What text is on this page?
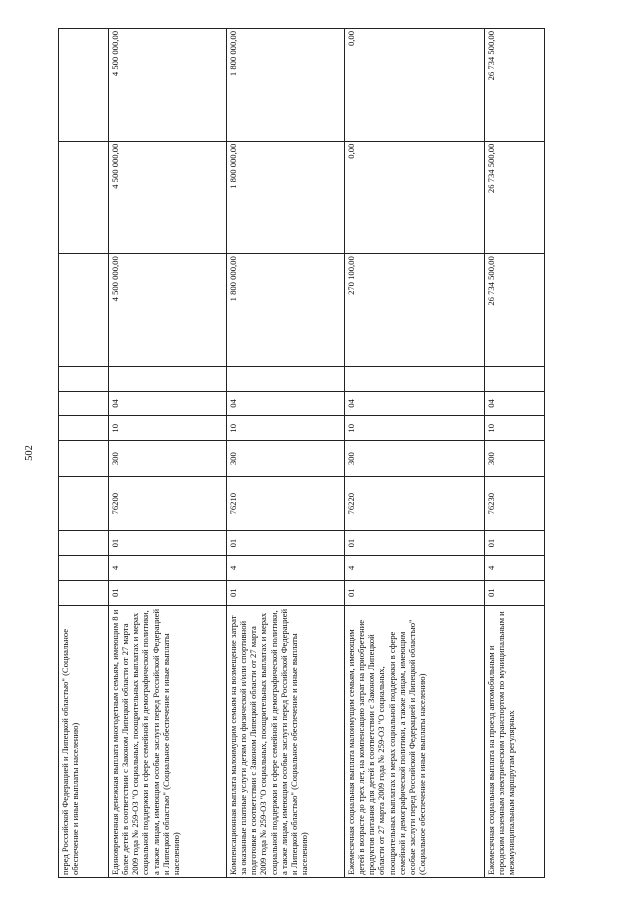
502
перед Российской Федерацией и Липецкой областью" (Социальное обеспечение и иные выплаты населению)											
Единовременная денежная выплата многодетным семьям, имеющим 8 и более детей в соответствии с Законом Липецкой области от 27 марта 2009 года № 259-ОЗ "О социальных, поощрительных выплатах и мерах социальной поддержки в сфере семейной и демографической политики, а также лицам, имеющим особые заслуги перед Российской Федерацией и Липецкой областью" (Социальное обеспечение и иные выплаты населению)	01	4	01	76200	300	10	04		4 500 000,00	4 500 000,00	4 500 000,00
Компенсационная выплата малоимущим семьям на возмещение затрат за оказанные платные услуги детям по физической и/или спортивной подготовке в соответствии с Законом Липецкой области от 27 марта 2009 года № 259-ОЗ "О социальных, поощрительных выплатах и мерах социальной поддержки в сфере семейной и демографической политики, а также лицам, имеющим особые заслуги перед Российской Федерацией и Липецкой областью" (Социальное обеспечение и иные выплаты населению)	01	4	01	76210	300	10	04		1 800 000,00	1 800 000,00	1 800 000,00
Ежемесячная социальная выплата малоимущим семьям, имеющим детей в возрасте до трех лет, на компенсацию затрат на приобретение продуктов питания для детей в соответствии с Законом Липецкой области от 27 марта 2009 года № 259-ОЗ "О социальных, поощрительных выплатах и мерах социальной поддержки в сфере семейной и демографической политики, а также лицам, имеющим особые заслуги перед Российской Федерацией и Липецкой областью" (Социальное обеспечение и иные выплаты населению)	01	4	01	76220	300	10	04		270 100,00	0,00	0,00
Ежемесячная социальная выплата на проезд автомобильным и городским наземным электрическим транспортом по муниципальным и межмуниципальным маршрутам регулярных	01	4	01	76230	300	10	04		26 734 500,00	26 734 500,00	26 734 500,00
